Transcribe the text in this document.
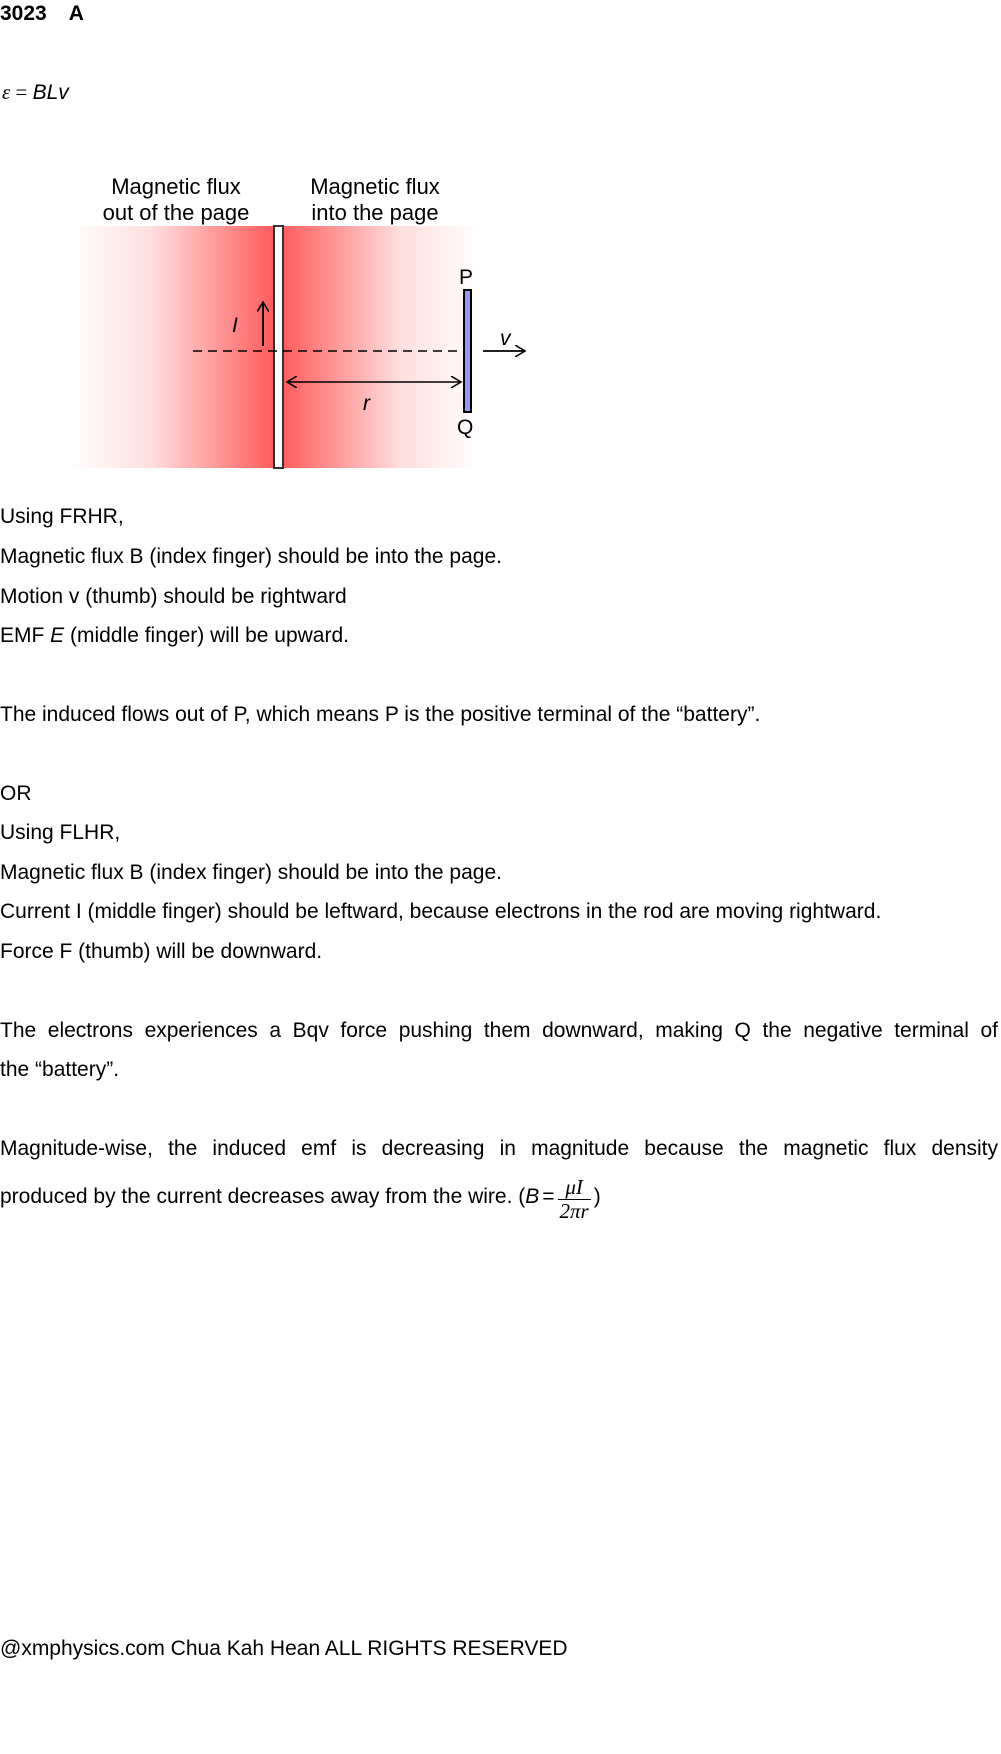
3023 A
ε = BLv
I
P
Q
r
v
Magnetic flux
out of the page
Magnetic flux
into the page
Using FRHR,
Magnetic flux B (index finger) should be into the page.
Motion v (thumb) should be rightward
EMF E (middle finger) will be upward.
The induced flows out of P, which means P is the positive terminal of the “battery”.
OR
Using FLHR,
Magnetic flux B (index finger) should be into the page.
Current I (middle finger) should be leftward, because electrons in the rod are moving rightward.
Force F (thumb) will be downward.
The electrons experiences a Bqv force pushing them downward, making Q the negative terminal of
the “battery”.
Magnitude-wise, the induced emf is decreasing in magnitude because the magnetic flux density
produced by the current decreases away from the wire. ($B = \frac{\mu I}{2\pi r}$ )
@xmphysics.com Chua Kah Hean ALL RIGHTS RESERVED
